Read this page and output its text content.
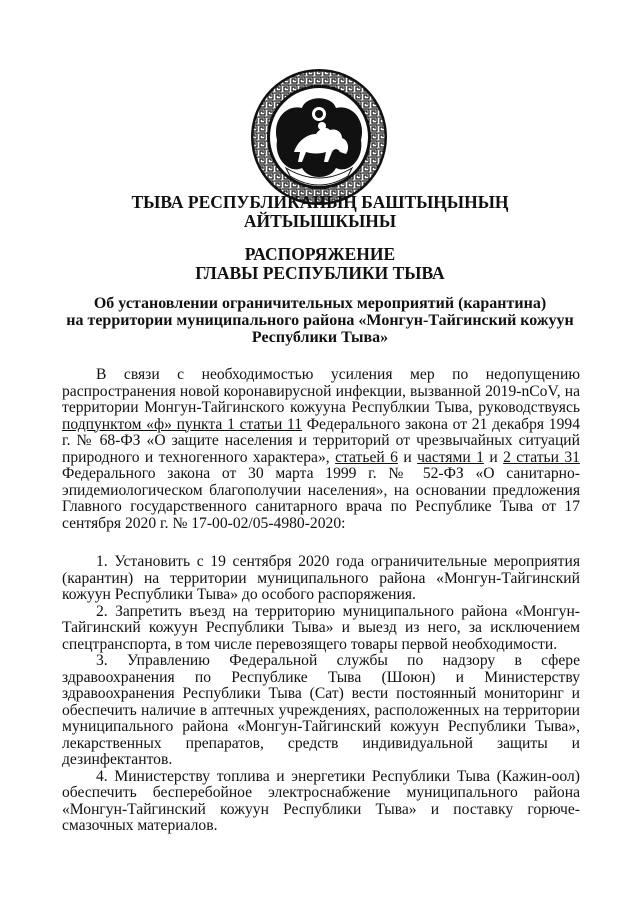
ТЫВА РЕСПУБЛИКАНЫҢ БАШТЫҢЫНЫҢ
АЙТЫЫШКЫНЫ
РАСПОРЯЖЕНИЕ
ГЛАВЫ РЕСПУБЛИКИ ТЫВА
Об установлении ограничительных мероприятий (карантина)
на территории муниципального района «Монгун-Тайгинский кожуун
Республики Тыва»

В связи с необходимостью усиления мер по недопущению распространения новой коронавирусной инфекции, вызванной 2019-nCoV, на территории Монгун-Тайгинского кожууна Республкии Тыва, руководствуясь подпунктом «ф» пункта 1 статьи 11 Федерального закона от 21 декабря 1994 г. № 68-ФЗ «О защите населения и территорий от чрезвычайных ситуаций природного и техногенного характера», статьей 6 и частями 1 и 2 статьи 31 Федерального закона от 30 марта 1999 г. № 52-ФЗ «О санитарно-эпидемиологическом благополучии населения», на основании предложения Главного государственного санитарного врача по Республике Тыва от 17 сентября 2020 г. № 17-00-02/05-4980-2020:

1. Установить с 19 сентября 2020 года ограничительные мероприятия (карантин) на территории муниципального района «Монгун-Тайгинский кожуун Республики Тыва» до особого распоряжения.

2. Запретить въезд на территорию муниципального района «Монгун-Тайгинский кожуун Республики Тыва» и выезд из него, за исключением спецтранспорта, в том числе перевозящего товары первой необходимости.

3. Управлению Федеральной службы по надзору в сфере здравоохранения по Республике Тыва (Шоюн) и Министерству здравоохранения Республики Тыва (Сат) вести постоянный мониторинг и обеспечить наличие в аптечных учреждениях, расположенных на территории муниципального района «Монгун-Тайгинский кожуун Республики Тыва», лекарственных препаратов, средств индивидуальной защиты и дезинфектантов.

4. Министерству топлива и энергетики Республики Тыва (Кажин-оол) обеспечить бесперебойное электроснабжение муниципального района «Монгун-Тайгинский кожуун Республики Тыва» и поставку горюче-смазочных материалов.
